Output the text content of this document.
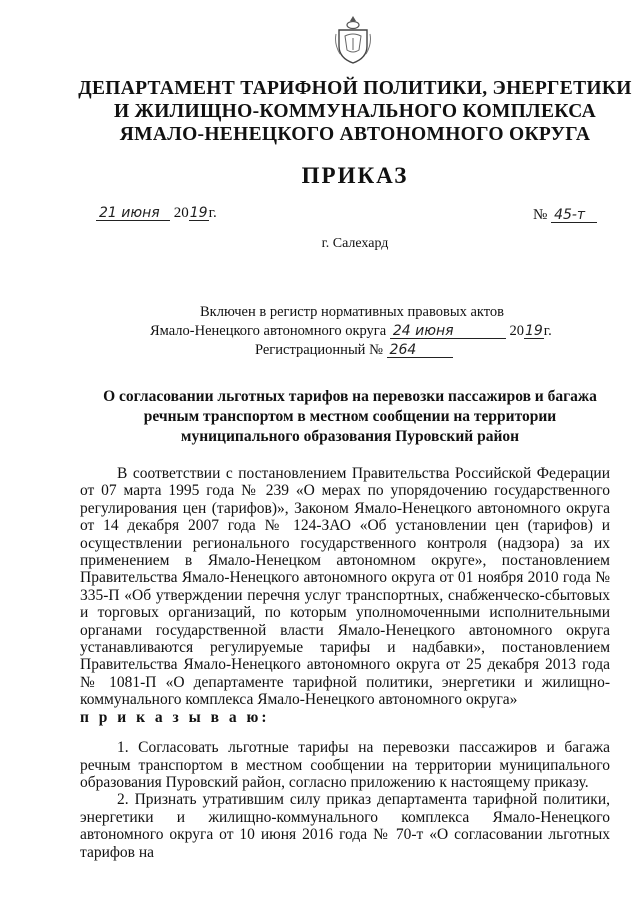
ДЕПАРТАМЕНТ ТАРИФНОЙ ПОЛИТИКИ, ЭНЕРГЕТИКИ
И ЖИЛИЩНО-КОММУНАЛЬНОГО КОМПЛЕКСА
ЯМАЛО-НЕНЕЦКОГО АВТОНОМНОГО ОКРУГА
ПРИКАЗ
21 июня 2019г.	№ 45-т
г. Салехард
Включен в регистр нормативных правовых актов
Ямало-Ненецкого автономного округа 24 июня	2019г.
Регистрационный № 264
О согласовании льготных тарифов на перевозки пассажиров и багажа
речным транспортом в местном сообщении на территории
муниципального образования Пуровский район

В соответствии с постановлением Правительства Российской Федерации от 07 марта 1995 года № 239 «О мерах по упорядочению государственного регулирования цен (тарифов)», Законом Ямало-Ненецкого автономного округа от 14 декабря 2007 года № 124-ЗАО «Об установлении цен (тарифов) и осуществлении регионального государственного контроля (надзора) за их применением в Ямало-Ненецком автономном округе», постановлением Правительства Ямало-Ненецкого автономного округа от 01 ноября 2010 года № 335-П «Об утверждении перечня услуг транспортных, снабженческо-сбытовых и торговых организаций, по которым уполномоченными исполнительными органами государственной власти Ямало-Ненецкого автономного округа устанавливаются регулируемые тарифы и надбавки», постановлением Правительства Ямало-Ненецкого автономного округа от 25 декабря 2013 года № 1081-П «О департаменте тарифной политики, энергетики и жилищно-коммунального комплекса Ямало-Ненецкого автономного округа»

п р и к а з ы в а ю:

1. Согласовать льготные тарифы на перевозки пассажиров и багажа речным транспортом в местном сообщении на территории муниципального образования Пуровский район, согласно приложению к настоящему приказу.

2. Признать утратившим силу приказ департамента тарифной политики, энергетики и жилищно-коммунального комплекса Ямало-Ненецкого автономного округа от 10 июня 2016 года № 70-т «О согласовании льготных тарифов на
